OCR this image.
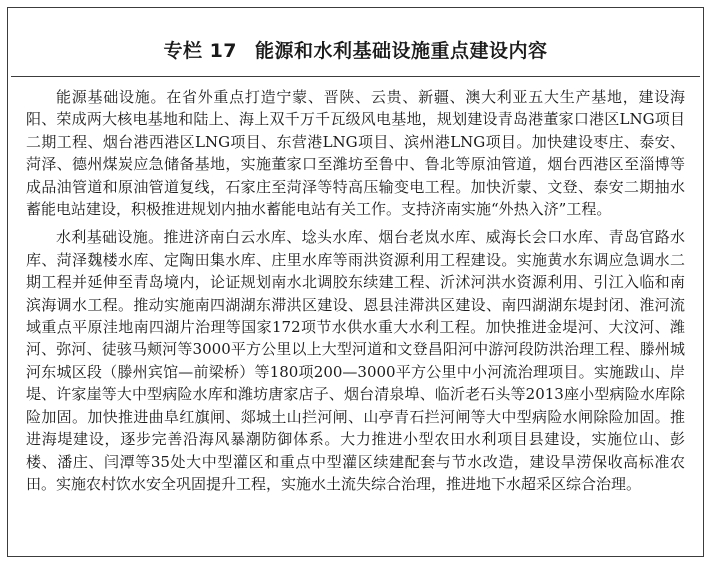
专栏 17 能源和水利基础设施重点建设内容

能源基础设施。在省外重点打造宁蒙、晋陕、云贵、新疆、澳大利亚五大生产基地，建设海阳、荣成两大核电基地和陆上、海上双千万千瓦级风电基地，规划建设青岛港董家口港区LNG项目二期工程、烟台港西港区LNG项目、东营港LNG项目、滨州港LNG项目。加快建设枣庄、泰安、菏泽、德州煤炭应急储备基地，实施董家口至潍坊至鲁中、鲁北等原油管道，烟台西港区至淄博等成品油管道和原油管道复线，石家庄至菏泽等特高压输变电工程。加快沂蒙、文登、泰安二期抽水蓄能电站建设，积极推进规划内抽水蓄能电站有关工作。支持济南实施“外热入济”工程。

水利基础设施。推进济南白云水库、埝头水库、烟台老岚水库、威海长会口水库、青岛官路水库、菏泽魏楼水库、定陶田集水库、庄里水库等雨洪资源利用工程建设。实施黄水东调应急调水二期工程并延伸至青岛境内，论证规划南水北调胶东续建工程、沂沭河洪水资源利用、引江入临和南滨海调水工程。推动实施南四湖湖东滞洪区建设、恩县洼滞洪区建设、南四湖湖东堤封闭、淮河流域重点平原洼地南四湖片治理等国家172项节水供水重大水利工程。加快推进金堤河、大汶河、潍河、弥河、徒骇马颊河等3000平方公里以上大型河道和文登昌阳河中游河段防洪治理工程、滕州城河东城区段（滕州宾馆—前梁桥）等180项200—3000平方公里中小河流治理项目。实施跋山、岸堤、许家崖等大中型病险水库和潍坊唐家店子、烟台清泉埠、临沂老石头等2013座小型病险水库除险加固。加快推进曲阜红旗闸、郯城土山拦河闸、山亭青石拦河闸等大中型病险水闸除险加固。推进海堤建设，逐步完善沿海风暴潮防御体系。大力推进小型农田水利项目县建设，实施位山、彭楼、潘庄、闫潭等35处大中型灌区和重点中型灌区续建配套与节水改造，建设旱涝保收高标准农田。实施农村饮水安全巩固提升工程，实施水土流失综合治理，推进地下水超采区综合治理。
